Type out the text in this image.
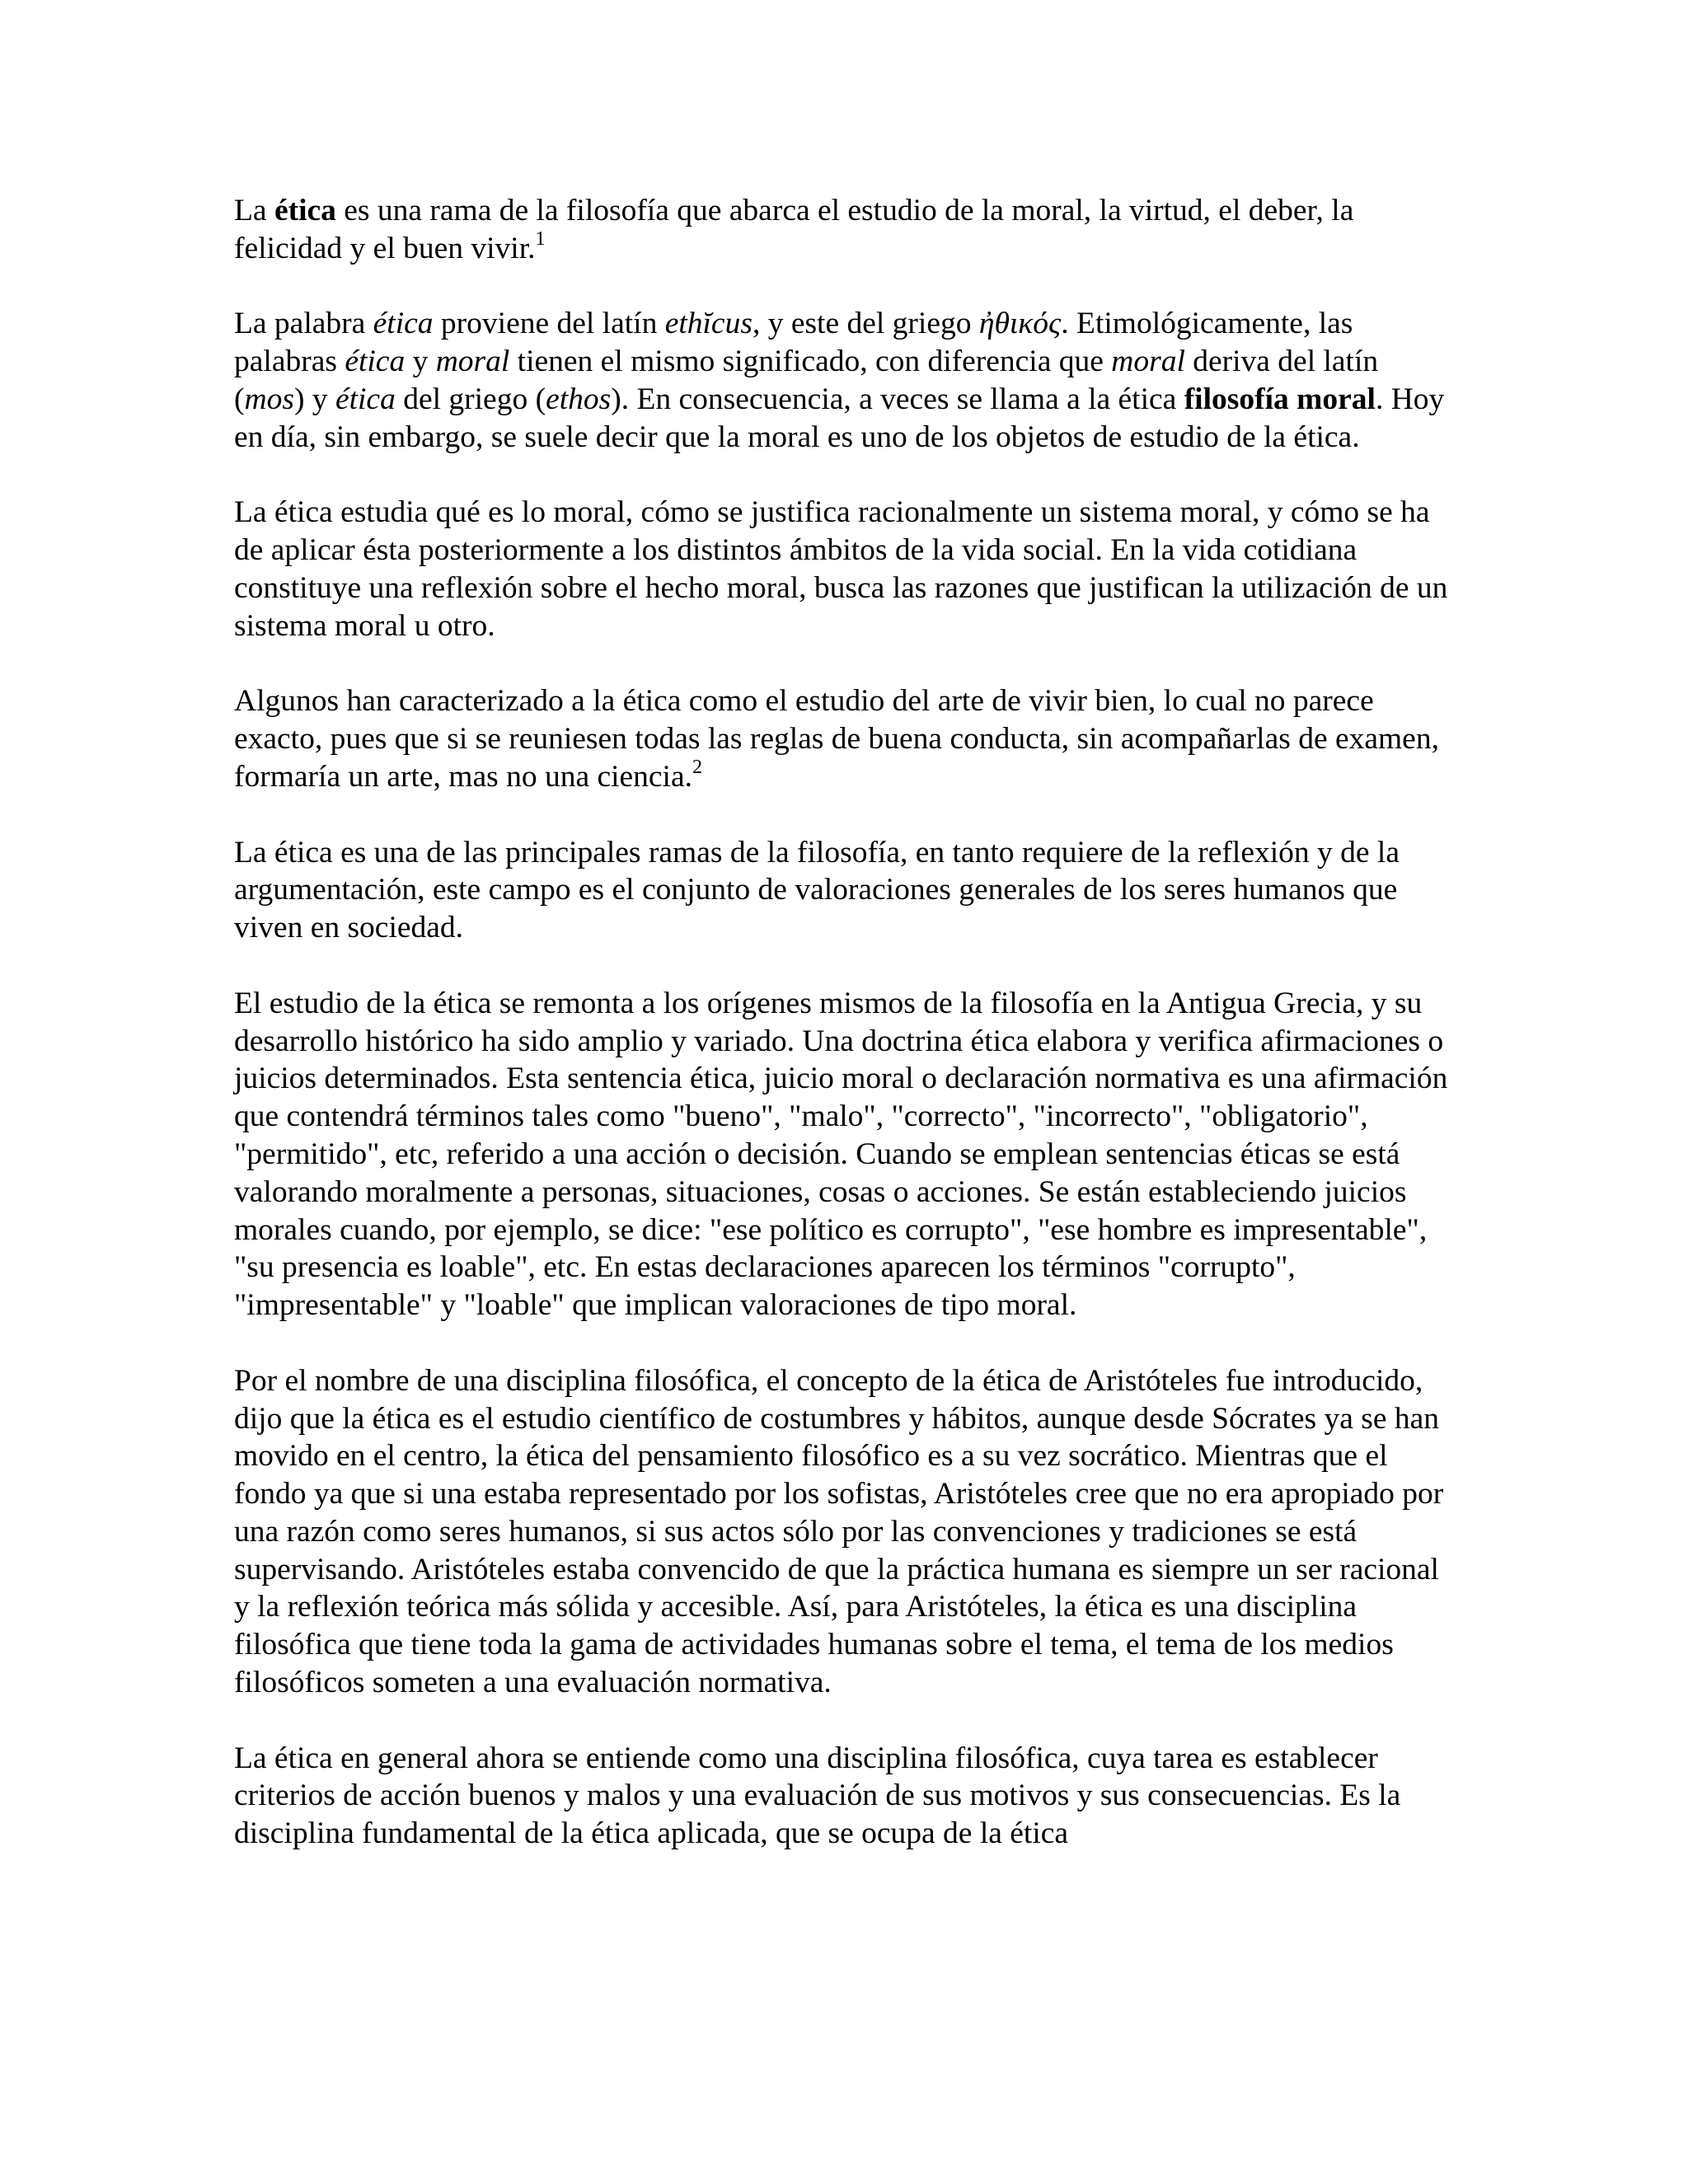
La ética es una rama de la filosofía que abarca el estudio de la moral, la virtud, el deber, la felicidad y el buen vivir.$^1$

La palabra ética proviene del latín ethĭcus, y este del griego ἠθικός. Etimológicamente, las palabras ética y moral tienen el mismo significado, con diferencia que moral deriva del latín (mos) y ética del griego (ethos). En consecuencia, a veces se llama a la ética filosofía moral. Hoy en día, sin embargo, se suele decir que la moral es uno de los objetos de estudio de la ética.

La ética estudia qué es lo moral, cómo se justifica racionalmente un sistema moral, y cómo se ha de aplicar ésta posteriormente a los distintos ámbitos de la vida social. En la vida cotidiana constituye una reflexión sobre el hecho moral, busca las razones que justifican la utilización de un sistema moral u otro.

Algunos han caracterizado a la ética como el estudio del arte de vivir bien, lo cual no parece exacto, pues que si se reuniesen todas las reglas de buena conducta, sin acompañarlas de examen, formaría un arte, mas no una ciencia.$^2$

La ética es una de las principales ramas de la filosofía, en tanto requiere de la reflexión y de la argumentación, este campo es el conjunto de valoraciones generales de los seres humanos que viven en sociedad.

El estudio de la ética se remonta a los orígenes mismos de la filosofía en la Antigua Grecia, y su desarrollo histórico ha sido amplio y variado. Una doctrina ética elabora y verifica afirmaciones o juicios determinados. Esta sentencia ética, juicio moral o declaración normativa es una afirmación que contendrá términos tales como "bueno", "malo", "correcto", "incorrecto", "obligatorio", "permitido", etc, referido a una acción o decisión. Cuando se emplean sentencias éticas se está valorando moralmente a personas, situaciones, cosas o acciones. Se están estableciendo juicios morales cuando, por ejemplo, se dice: "ese político es corrupto", "ese hombre es impresentable", "su presencia es loable", etc. En estas declaraciones aparecen los términos "corrupto", "impresentable" y "loable" que implican valoraciones de tipo moral.

Por el nombre de una disciplina filosófica, el concepto de la ética de Aristóteles fue introducido, dijo que la ética es el estudio científico de costumbres y hábitos, aunque desde Sócrates ya se han movido en el centro, la ética del pensamiento filosófico es a su vez socrático. Mientras que el fondo ya que si una estaba representado por los sofistas, Aristóteles cree que no era apropiado por una razón como seres humanos, si sus actos sólo por las convenciones y tradiciones se está supervisando. Aristóteles estaba convencido de que la práctica humana es siempre un ser racional y la reflexión teórica más sólida y accesible. Así, para Aristóteles, la ética es una disciplina filosófica que tiene toda la gama de actividades humanas sobre el tema, el tema de los medios filosóficos someten a una evaluación normativa.

La ética en general ahora se entiende como una disciplina filosófica, cuya tarea es establecer criterios de acción buenos y malos y una evaluación de sus motivos y sus consecuencias. Es la disciplina fundamental de la ética aplicada, que se ocupa de la ética
